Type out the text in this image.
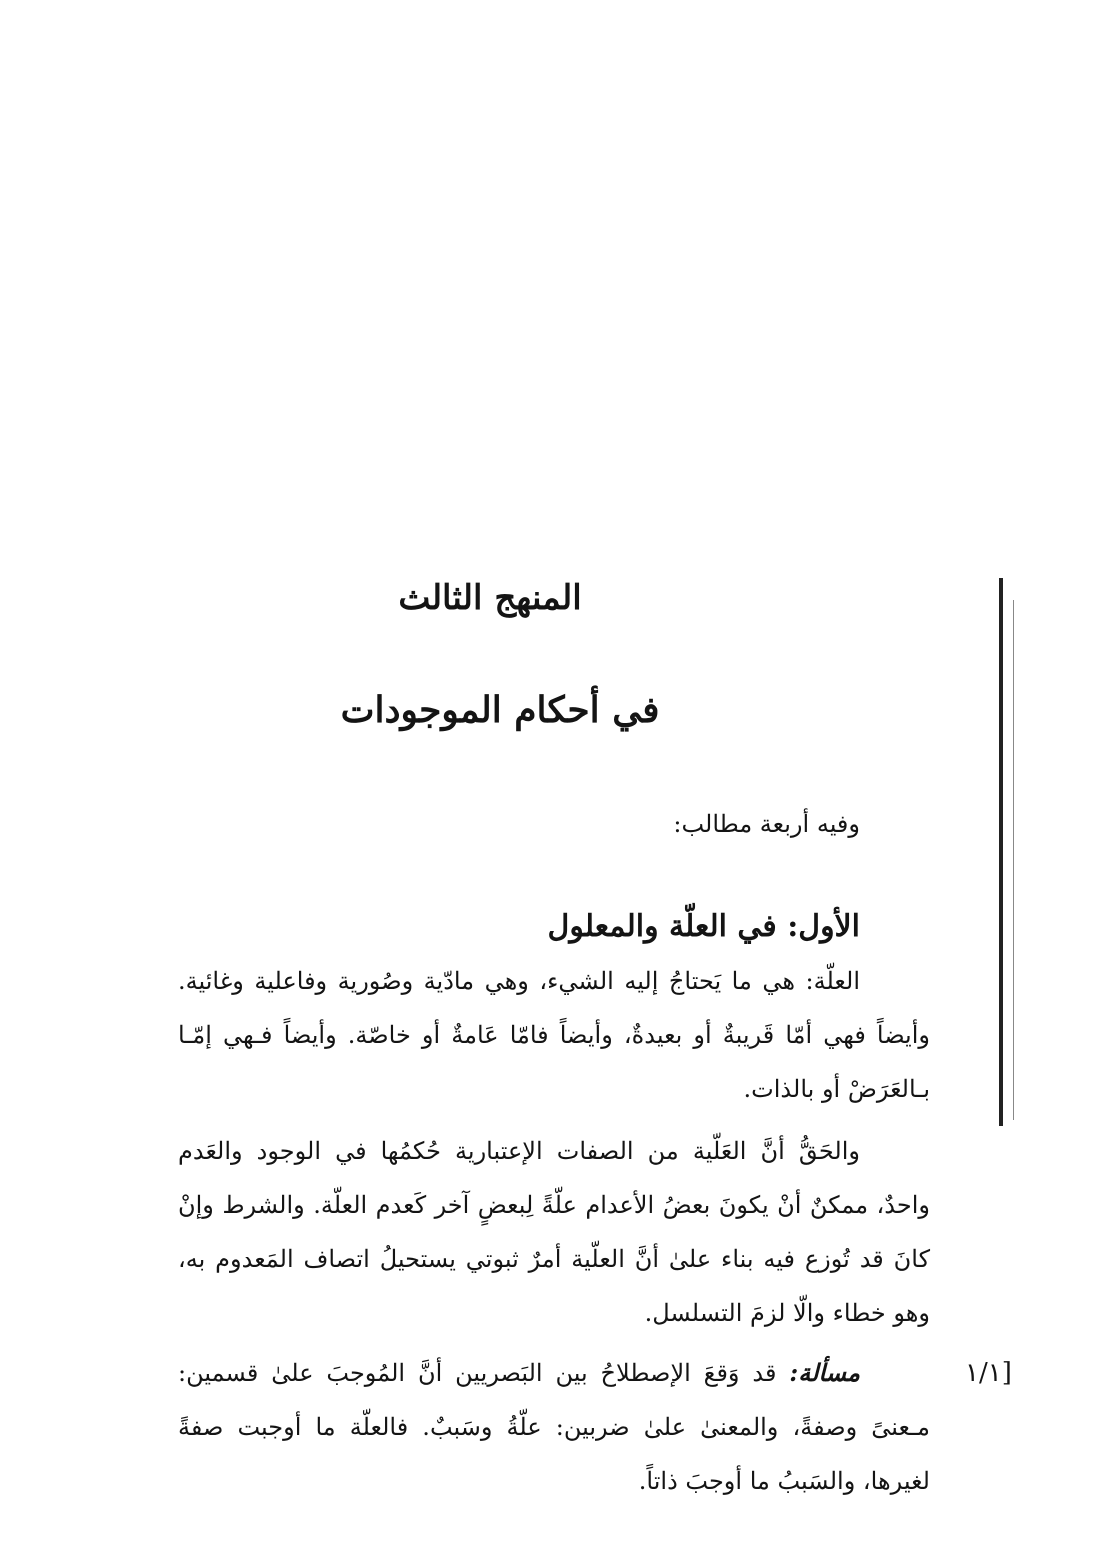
المنهج الثالث
في أحكام الموجودات
وفيه أربعة مطالب:
الأول: في العلّة والمعلول

العلّة: هي ما يَحتاجُ إليه الشيء، وهي مادّية وصُورية وفاعلية وغائية. وأيضاً فهي أمّا قَريبةٌ أو بعيدةٌ، وأيضاً فامّا عَامةٌ أو خاصّة. وأيضاً فـهي إمّـا بـالعَرَضْ أو بالذات.

والحَقُّ أنَّ العَلّية من الصفات الإعتبارية حُكمُها في الوجود والعَدم واحدٌ، ممكنٌ أنْ يكونَ بعضُ الأعدام علّةً لِبعضٍ آخر كَعدم العلّة. والشرط وإنْ كانَ قد تُوزع فيه بناء علىٰ أنَّ العلّية أمرٌ ثبوتي يستحيلُ اتصاف المَعدوم به، وهو خطاء والّا لزمَ التسلسل.

مسألة: قد وَقعَ الإصطلاحُ بين البَصريين أنَّ المُوجبَ علىٰ قسمين: مـعنىً وصفةً، والمعنىٰ علىٰ ضربين: علّةُ وسَببٌ. فالعلّة ما أوجبت صفةً لغيرها، والسَببُ ما أوجبَ ذاتاً.

[١/١
